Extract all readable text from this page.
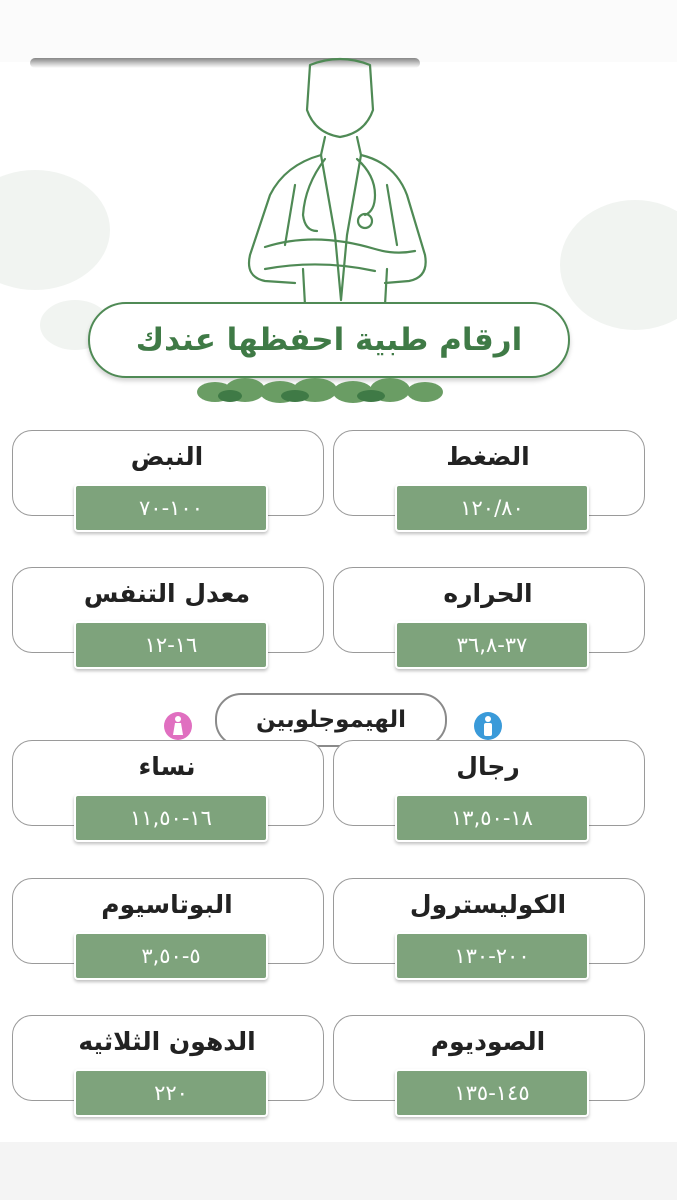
ارقام طبية احفظها عندك
الضغط
١٢٠/٨٠
النبض
١٠٠-٧٠
الحراره
٣٧-٣٦,٨
معدل التنفس
١٦-١٢
الهيموجلوبين
رجال
١٨-١٣,٥٠
نساء
١٦-١١,٥٠
الكوليسترول
٢٠٠-١٣٠
البوتاسيوم
٥-٣,٥٠
الصوديوم
١٤٥-١٣٥
الدهون الثلاثيه
٢٢٠
